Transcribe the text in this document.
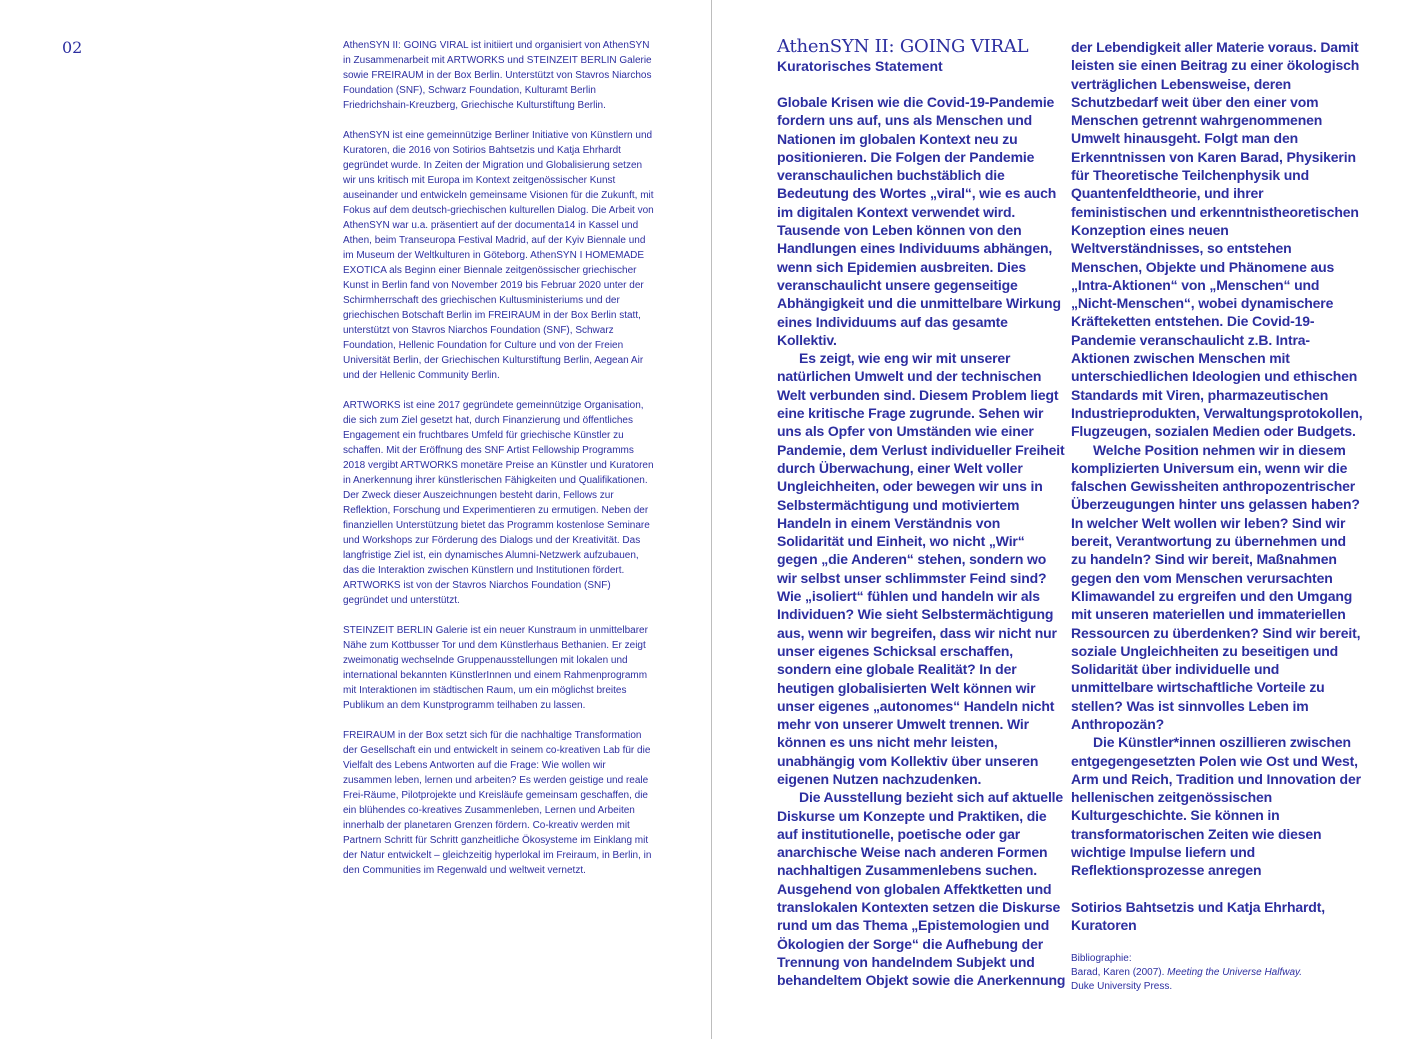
02	AthenSYN II: GOING VIRAL ist initiiert und organisiert von AthenSYN in Zusammenarbeit mit ARTWORKS und STEINZEIT BERLIN Galerie sowie FREIRAUM in der Box Berlin. Unterstützt von Stavros Niarchos Foundation (SNF), Schwarz Foundation, Kulturamt Berlin Friedrichshain-Kreuzberg, Griechische Kulturstiftung Berlin.

AthenSYN ist eine gemeinnützige Berliner Initiative von Künstlern und Kuratoren, die 2016 von Sotirios Bahtsetzis und Katja Ehrhardt gegründet wurde. In Zeiten der Migration und Globalisierung setzen wir uns kritisch mit Europa im Kontext zeitgenössischer Kunst auseinander und entwickeln gemeinsame Visionen für die Zukunft, mit Fokus auf dem deutsch-griechischen kulturellen Dialog. Die Arbeit von AthenSYN war u.a. präsentiert auf der documenta14 in Kassel und Athen, beim Transeuropa Festival Madrid, auf der Kyiv Biennale und im Museum der Weltkulturen in Göteborg. AthenSYN I HOMEMADE EXOTICA als Beginn einer Biennale zeitgenössischer griechischer Kunst in Berlin fand von November 2019 bis Februar 2020 unter der Schirmherrschaft des griechischen Kultusministeriums und der griechischen Botschaft Berlin im FREIRAUM in der Box Berlin statt, unterstützt von Stavros Niarchos Foundation (SNF), Schwarz Foundation, Hellenic Foundation for Culture und von der Freien Universität Berlin, der Griechischen Kulturstiftung Berlin, Aegean Air und der Hellenic Community Berlin.

ARTWORKS ist eine 2017 gegründete gemeinnützige Organisation, die sich zum Ziel gesetzt hat, durch Finanzierung und öffentliches Engagement ein fruchtbares Umfeld für griechische Künstler zu schaffen. Mit der Eröffnung des SNF Artist Fellowship Programms 2018 vergibt ARTWORKS monetäre Preise an Künstler und Kuratoren in Anerkennung ihrer künstlerischen Fähigkeiten und Qualifikationen. Der Zweck dieser Auszeichnungen besteht darin, Fellows zur Reflektion, Forschung und Experimentieren zu ermutigen. Neben der finanziellen Unterstützung bietet das Programm kostenlose Seminare und Workshops zur Förderung des Dialogs und der Kreativität. Das langfristige Ziel ist, ein dynamisches Alumni-Netzwerk aufzubauen, das die Interaktion zwischen Künstlern und Institutionen fördert. ARTWORKS ist von der Stavros Niarchos Foundation (SNF) gegründet und unterstützt.

STEINZEIT BERLIN Galerie ist ein neuer Kunstraum in unmittelbarer Nähe zum Kottbusser Tor und dem Künstlerhaus Bethanien. Er zeigt zweimonatig wechselnde Gruppenausstellungen mit lokalen und international bekannten KünstlerInnen und einem Rahmenprogramm mit Interaktionen im städtischen Raum, um ein möglichst breites Publikum an dem Kunstprogramm teilhaben zu lassen.

FREIRAUM in der Box setzt sich für die nachhaltige Transformation der Gesellschaft ein und entwickelt in seinem co-kreativen Lab für die Vielfalt des Lebens Antworten auf die Frage: Wie wollen wir zusammen leben, lernen und arbeiten? Es werden geistige und reale Frei-Räume, Pilotprojekte und Kreisläufe gemeinsam geschaffen, die ein blühendes co-kreatives Zusammenleben, Lernen und Arbeiten innerhalb der planetaren Grenzen fördern. Co-kreativ werden mit Partnern Schritt für Schritt ganzheitliche Ökosysteme im Einklang mit der Natur entwickelt – gleichzeitig hyperlokal im Freiraum, in Berlin, in den Communities im Regenwald und weltweit vernetzt.

AthenSYN II: GOING VIRAL
Kuratorisches Statement

Globale Krisen wie die Covid-19-Pandemie fordern uns auf, uns als Menschen und Nationen im globalen Kontext neu zu positionieren. Die Folgen der Pandemie veranschaulichen buchstäblich die Bedeutung des Wortes „viral“, wie es auch im digitalen Kontext verwendet wird. Tausende von Leben können von den Handlungen eines Individuums abhängen, wenn sich Epidemien ausbreiten. Dies veranschaulicht unsere gegenseitige Abhängigkeit und die unmittelbare Wirkung eines Individuums auf das gesamte Kollektiv.

Es zeigt, wie eng wir mit unserer natürlichen Umwelt und der technischen Welt verbunden sind. Diesem Problem liegt eine kritische Frage zugrunde. Sehen wir uns als Opfer von Umständen wie einer Pandemie, dem Verlust individueller Freiheit durch Überwachung, einer Welt voller Ungleichheiten, oder bewegen wir uns in Selbstermächtigung und motiviertem Handeln in einem Verständnis von Solidarität und Einheit, wo nicht „Wir“ gegen „die Anderen“ stehen, sondern wo wir selbst unser schlimmster Feind sind? Wie „isoliert“ fühlen und handeln wir als Individuen? Wie sieht Selbstermächtigung aus, wenn wir begreifen, dass wir nicht nur unser eigenes Schicksal erschaffen, sondern eine globale Realität? In der heutigen globalisierten Welt können wir unser eigenes „autonomes“ Handeln nicht mehr von unserer Umwelt trennen. Wir können es uns nicht mehr leisten, unabhängig vom Kollektiv über unseren eigenen Nutzen nachzudenken.

Die Ausstellung bezieht sich auf aktuelle Diskurse um Konzepte und Praktiken, die auf institutionelle, poetische oder gar anarchische Weise nach anderen Formen nachhaltigen Zusammenlebens suchen. Ausgehend von globalen Affektketten und translokalen Kontexten setzen die Diskurse rund um das Thema „Epistemologien und Ökologien der Sorge“ die Aufhebung der Trennung von handelndem Subjekt und behandeltem Objekt sowie die Anerkennung

der Lebendigkeit aller Materie voraus. Damit leisten sie einen Beitrag zu einer ökologisch verträglichen Lebensweise, deren Schutzbedarf weit über den einer vom Menschen getrennt wahrgenommenen Umwelt hinausgeht. Folgt man den Erkenntnissen von Karen Barad, Physikerin für Theoretische Teilchenphysik und Quantenfeldtheorie, und ihrer feministischen und erkenntnistheoretischen Konzeption eines neuen Weltverständnisses, so entstehen Menschen, Objekte und Phänomene aus „Intra-Aktionen“ von „Menschen“ und „Nicht-Menschen“, wobei dynamischere Kräfteketten entstehen. Die Covid-19-Pandemie veranschaulicht z.B. Intra-Aktionen zwischen Menschen mit unterschiedlichen Ideologien und ethischen Standards mit Viren, pharmazeutischen Industrieprodukten, Verwaltungsprotokollen, Flugzeugen, sozialen Medien oder Budgets.

Welche Position nehmen wir in diesem komplizierten Universum ein, wenn wir die falschen Gewissheiten anthropozentrischer Überzeugungen hinter uns gelassen haben? In welcher Welt wollen wir leben? Sind wir bereit, Verantwortung zu übernehmen und zu handeln? Sind wir bereit, Maßnahmen gegen den vom Menschen verursachten Klimawandel zu ergreifen und den Umgang mit unseren materiellen und immateriellen Ressourcen zu überdenken? Sind wir bereit, soziale Ungleichheiten zu beseitigen und Solidarität über individuelle und unmittelbare wirtschaftliche Vorteile zu stellen? Was ist sinnvolles Leben im Anthropozän?

Die Künstler*innen oszillieren zwischen entgegengesetzten Polen wie Ost und West, Arm und Reich, Tradition und Innovation der hellenischen zeitgenössischen Kulturgeschichte. Sie können in transformatorischen Zeiten wie diesen wichtige Impulse liefern und Reflektionsprozesse anregen

Sotirios Bahtsetzis und Katja Ehrhardt, Kuratoren

Bibliographie:
Barad, Karen (2007). Meeting the Universe Halfway.
Duke University Press.
